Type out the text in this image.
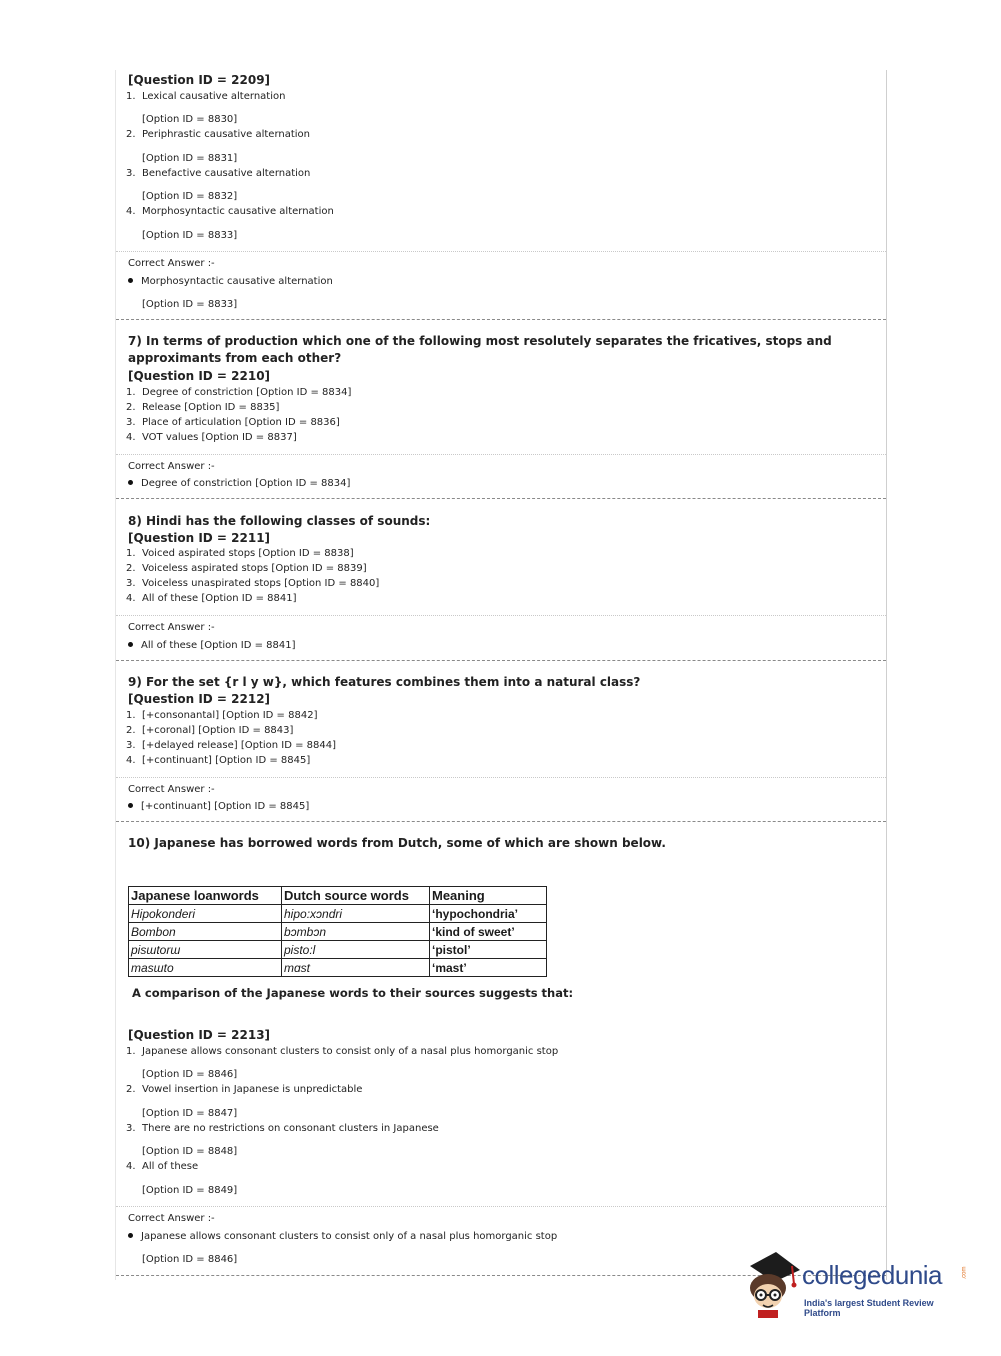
[Question ID = 2209]
1. Lexical causative alternation
[Option ID = 8830]
2. Periphrastic causative alternation
[Option ID = 8831]
3. Benefactive causative alternation
[Option ID = 8832]
4. Morphosyntactic causative alternation
[Option ID = 8833]
Correct Answer :-
Morphosyntactic causative alternation
[Option ID = 8833]
7) In terms of production which one of the following most resolutely separates the fricatives, stops and approximants from each other?
[Question ID = 2210]
1. Degree of constriction [Option ID = 8834]
2. Release [Option ID = 8835]
3. Place of articulation [Option ID = 8836]
4. VOT values [Option ID = 8837]
Correct Answer :-
Degree of constriction [Option ID = 8834]
8) Hindi has the following classes of sounds:
[Question ID = 2211]
1. Voiced aspirated stops [Option ID = 8838]
2. Voiceless aspirated stops [Option ID = 8839]
3. Voiceless unaspirated stops [Option ID = 8840]
4. All of these [Option ID = 8841]
Correct Answer :-
All of these [Option ID = 8841]
9) For the set {r l y w}, which features combines them into a natural class?
[Question ID = 2212]
1. [+consonantal] [Option ID = 8842]
2. [+coronal] [Option ID = 8843]
3. [+delayed release] [Option ID = 8844]
4. [+continuant] [Option ID = 8845]
Correct Answer :-
[+continuant] [Option ID = 8845]
10) Japanese has borrowed words from Dutch, some of which are shown below.
Japanese loanwords	Dutch source words	Meaning
Hipokonderi	hipo:xɔndri	‘hypochondria’
Bombon	bɔmbɔn	‘kind of sweet’
pisɯtorɯ	pisto:l	‘pistol’
masɯto	mɑst	‘mast’
A comparison of the Japanese words to their sources suggests that:
[Question ID = 2213]
1. Japanese allows consonant clusters to consist only of a nasal plus homorganic stop
[Option ID = 8846]
2. Vowel insertion in Japanese is unpredictable
[Option ID = 8847]
3. There are no restrictions on consonant clusters in Japanese
[Option ID = 8848]
4. All of these
[Option ID = 8849]
Correct Answer :-
Japanese allows consonant clusters to consist only of a nasal plus homorganic stop
[Option ID = 8846]
collegedunia	.com
India's largest Student Review Platform
